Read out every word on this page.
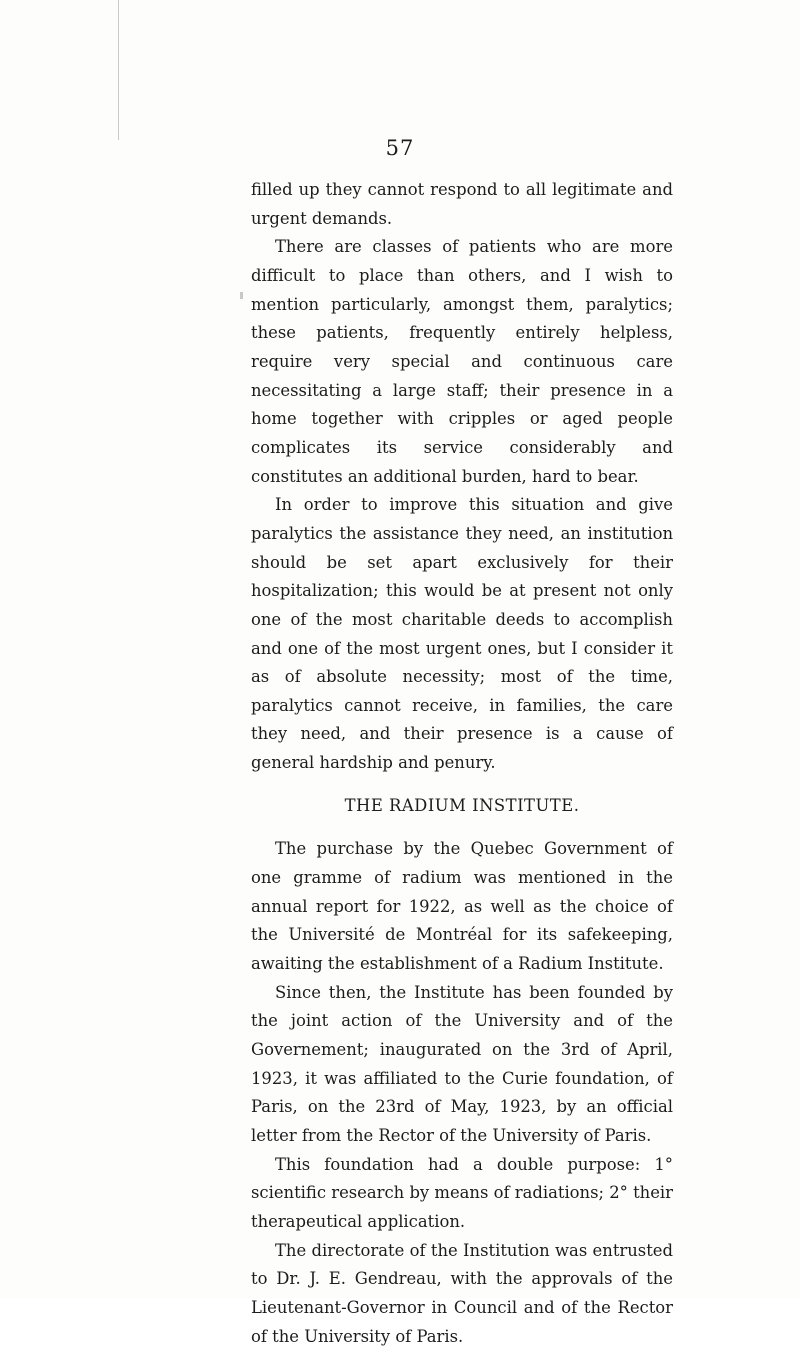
57

filled up they cannot respond to all legitimate and urgent demands.

There are classes of patients who are more difficult to place than others, and I wish to mention particularly, amongst them, paralytics; these patients, frequently entirely helpless, require very special and continuous care necessitating a large staff; their presence in a home together with cripples or aged people complicates its service considerably and constitutes an additional burden, hard to bear.

In order to improve this situation and give paralytics the assistance they need, an institution should be set apart exclusively for their hospitalization; this would be at present not only one of the most charitable deeds to accomplish and one of the most urgent ones, but I consider it as of absolute necessity; most of the time, paralytics cannot receive, in families, the care they need, and their presence is a cause of general hardship and penury.

THE RADIUM INSTITUTE.

The purchase by the Quebec Government of one gramme of radium was mentioned in the annual report for 1922, as well as the choice of the Université de Montréal for its safekeeping, awaiting the establishment of a Radium Institute.

Since then, the Institute has been founded by the joint action of the University and of the Governement; inaugurated on the 3rd of April, 1923, it was affiliated to the Curie foundation, of Paris, on the 23rd of May, 1923, by an official letter from the Rector of the University of Paris.

This foundation had a double purpose: 1° scientific research by means of radiations; 2° their therapeutical application.

The directorate of the Institution was entrusted to Dr. J. E. Gendreau, with the approvals of the Lieutenant-Governor in Council and of the Rector of the University of Paris.
